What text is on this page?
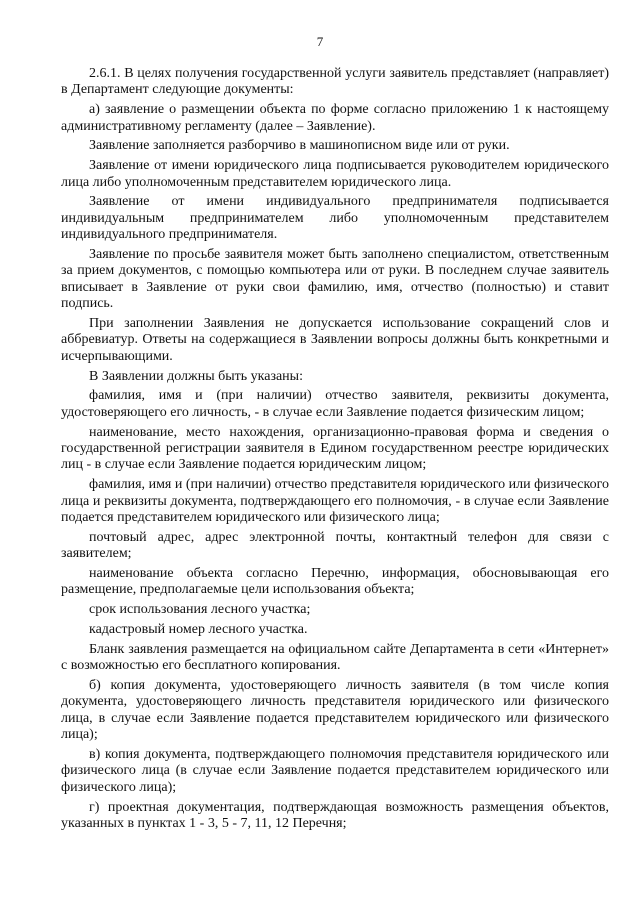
7

2.6.1. В целях получения государственной услуги заявитель представляет (направляет) в Департамент следующие документы:

а) заявление о размещении объекта по форме согласно приложению 1 к настоящему административному регламенту (далее – Заявление).

Заявление заполняется разборчиво в машинописном виде или от руки.

Заявление от имени юридического лица подписывается руководителем юридического лица либо уполномоченным представителем юридического лица.

Заявление от имени индивидуального предпринимателя подписывается индивидуальным предпринимателем либо уполномоченным представителем индивидуального предпринимателя.

Заявление по просьбе заявителя может быть заполнено специалистом, ответственным за прием документов, с помощью компьютера или от руки. В последнем случае заявитель вписывает в Заявление от руки свои фамилию, имя, отчество (полностью) и ставит подпись.

При заполнении Заявления не допускается использование сокращений слов и аббревиатур. Ответы на содержащиеся в Заявлении вопросы должны быть конкретными и исчерпывающими.

В Заявлении должны быть указаны:

фамилия, имя и (при наличии) отчество заявителя, реквизиты документа, удостоверяющего его личность, - в случае если Заявление подается физическим лицом;

наименование, место нахождения, организационно-правовая форма и сведения о государственной регистрации заявителя в Едином государственном реестре юридических лиц - в случае если Заявление подается юридическим лицом;

фамилия, имя и (при наличии) отчество представителя юридического или физического лица и реквизиты документа, подтверждающего его полномочия, - в случае если Заявление подается представителем юридического или физического лица;

почтовый адрес, адрес электронной почты, контактный телефон для связи с заявителем;

наименование объекта согласно Перечню, информация, обосновывающая его размещение, предполагаемые цели использования объекта;

срок использования лесного участка;

кадастровый номер лесного участка.

Бланк заявления размещается на официальном сайте Департамента в сети «Интернет» с возможностью его бесплатного копирования.

б) копия документа, удостоверяющего личность заявителя (в том числе копия документа, удостоверяющего личность представителя юридического или физического лица, в случае если Заявление подается представителем юридического или физического лица);

в) копия документа, подтверждающего полномочия представителя юридического или физического лица (в случае если Заявление подается представителем юридического или физического лица);

г) проектная документация, подтверждающая возможность размещения объектов, указанных в пунктах 1 - 3, 5 - 7, 11, 12 Перечня;
